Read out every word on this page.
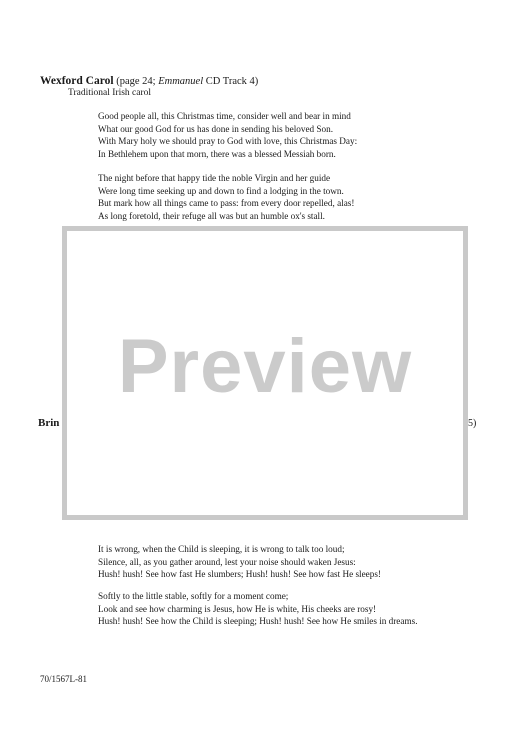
Wexford Carol (page 24; Emmanuel CD Track 4)
Traditional Irish carol
Good people all, this Christmas time, consider well and bear in mind
What our good God for us has done in sending his beloved Son.
With Mary holy we should pray to God with love, this Christmas Day:
In Bethlehem upon that morn, there was a blessed Messiah born.
The night before that happy tide the noble Virgin and her guide
Were long time seeking up and down to find a lodging in the town.
But mark how all things came to pass: from every door repelled, alas!
As long foretold, their refuge all was but an humble ox's stall.
Brin	5)
It is wrong, when the Child is sleeping, it is wrong to talk too loud;
Silence, all, as you gather around, lest your noise should waken Jesus:
Hush! hush! See how fast He slumbers; Hush! hush! See how fast He sleeps!
Softly to the little stable, softly for a moment come;
Look and see how charming is Jesus, how He is white, His cheeks are rosy!
Hush! hush! See how the Child is sleeping; Hush! hush! See how He smiles in dreams.
70/1567L-81
Preview
